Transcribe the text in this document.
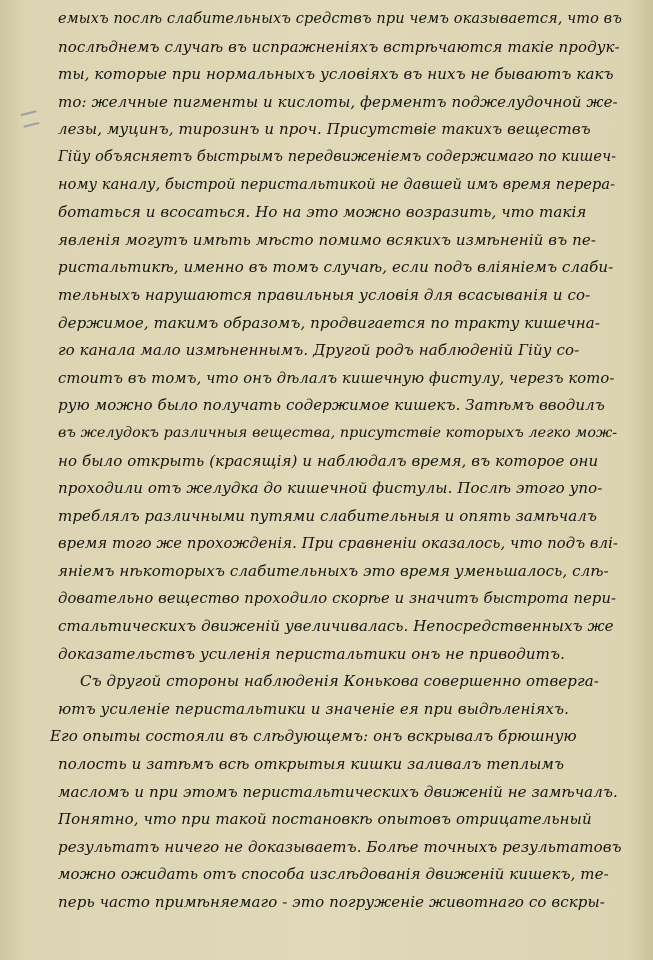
емыхъ послѣ слабительныхъ средствъ при чемъ оказывается, что въ
послѣднемъ случаѣ въ испражненіяхъ встрѣчаются такіе продук-
ты, которые при нормальныхъ условіяхъ въ нихъ не бываютъ какъ
то: желчные пигменты и кислоты, ферментъ поджелудочной же-
лезы, муцинъ, тирозинъ и проч. Присутствіе такихъ веществъ
Гiйу объясняетъ быстрымъ передвиженіемъ содержимаго по кишеч-
ному каналу, быстрой перистальтикой не давшей имъ время перера-
ботаться и всосаться. Но на это можно возразить, что такія
явленія могутъ имѣть мѣсто помимо всякихъ измѣненій въ пе-
ристальтикѣ, именно въ томъ случаѣ, если подъ вліяніемъ слаби-
тельныхъ нарушаются правильныя условія для всасыванія и со-
держимое, такимъ образомъ, продвигается по тракту кишечна-
го канала мало измѣненнымъ. Другой родъ наблюденій Гiйу со-
стоитъ въ томъ, что онъ дѣлалъ кишечную фистулу, черезъ кото-
рую можно было получать содержимое кишекъ. Затѣмъ вводилъ
въ желудокъ различныя вещества, присутствіе которыхъ легко мож-
но было открыть (красящія) и наблюдалъ время, въ которое они
проходили отъ желудка до кишечной фистулы. Послѣ этого упо-
треблялъ различными путями слабительныя и опять замѣчалъ
время того же прохожденія. При сравненіи оказалось, что подъ влі-
яніемъ нѣкоторыхъ слабительныхъ это время уменьшалось, слѣ-
довательно вещество проходило скорѣе и значитъ быстрота пери-
стальтическихъ движеній увеличивалась. Непосредственныхъ же
доказательствъ усиленія перистальтики онъ не приводитъ.
Съ другой стороны наблюденія Конькова совершенно отверга-
ютъ усиленіе перистальтики и значеніе ея при выдѣленіяхъ.
Его опыты состояли въ слѣдующемъ: онъ вскрывалъ брюшную
полость и затѣмъ всѣ открытыя кишки заливалъ теплымъ
масломъ и при этомъ перистальтическихъ движеній не замѣчалъ.
Понятно, что при такой постановкѣ опытовъ отрицательный
результатъ ничего не доказываетъ. Болѣе точныхъ результатовъ
можно ожидать отъ способа изслѣдованія движеній кишекъ, те-
перь часто примѣняемаго - это погруженіе животнаго со вскры-
